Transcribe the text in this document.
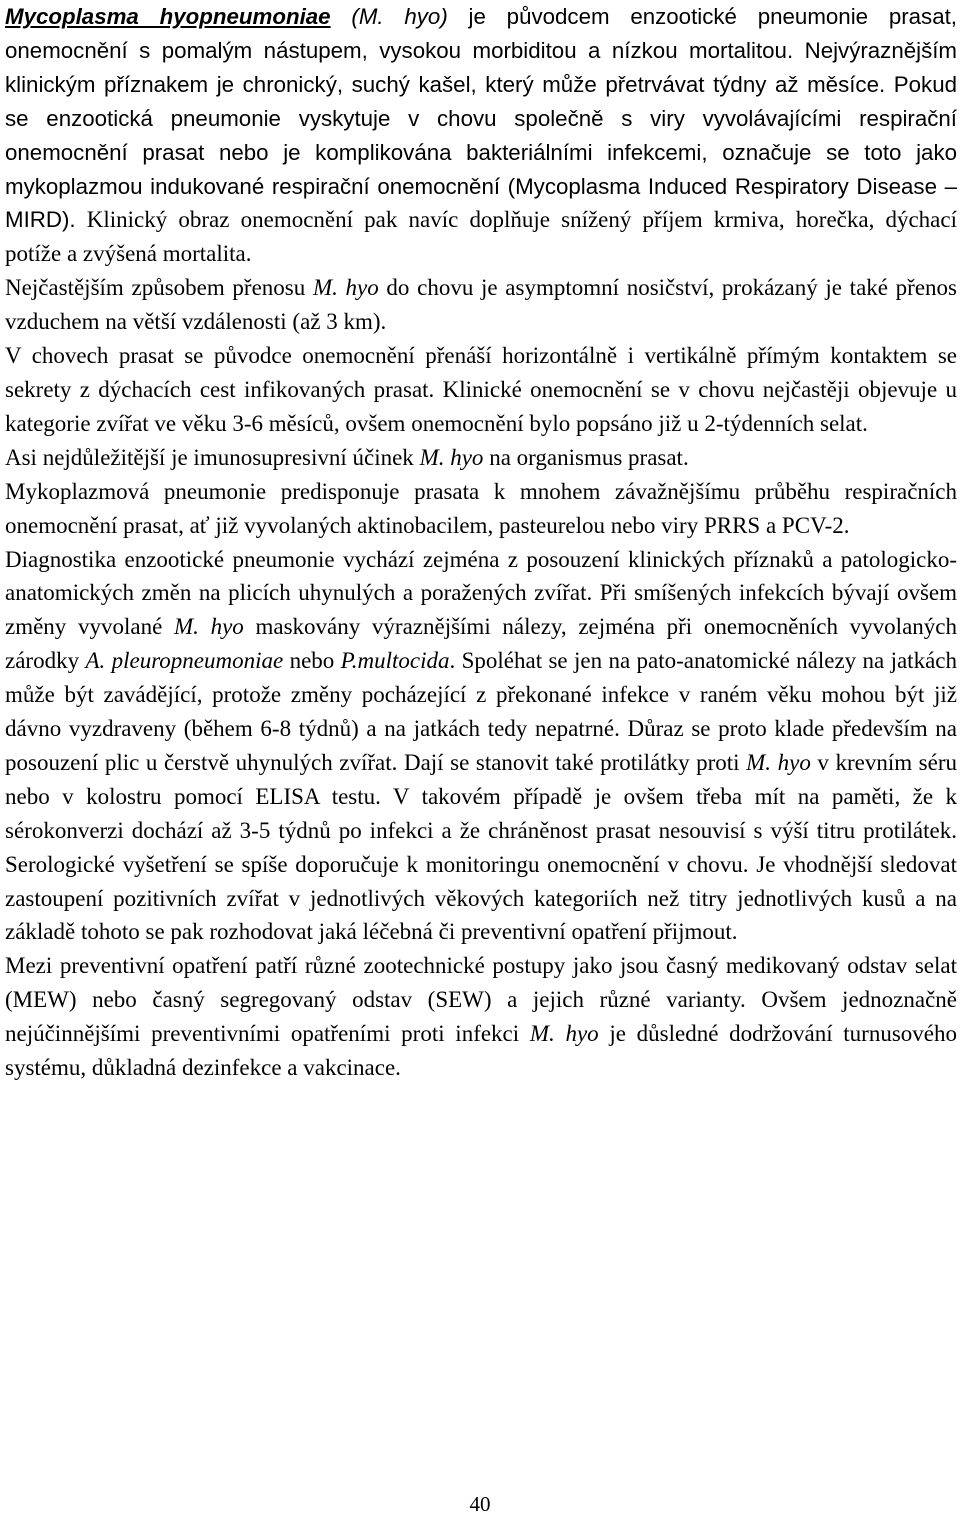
Mycoplasma hyopneumoniae (M. hyo) je původcem enzootické pneumonie prasat, onemocnění s pomalým nástupem, vysokou morbiditou a nízkou mortalitou. Nejvýraznějším klinickým příznakem je chronický, suchý kašel, který může přetrvávat týdny až měsíce. Pokud se enzootická pneumonie vyskytuje v chovu společně s viry vyvolávajícími respirační onemocnění prasat nebo je komplikována bakteriálními infekcemi, označuje se toto jako mykoplazmou indukované respirační onemocnění (Mycoplasma Induced Respiratory Disease – MIRD). Klinický obraz onemocnění pak navíc doplňuje snížený příjem krmiva, horečka, dýchací potíže a zvýšená mortalita.

Nejčastějším způsobem přenosu M. hyo do chovu je asymptomní nosičství, prokázaný je také přenos vzduchem na větší vzdálenosti (až 3 km).

V chovech prasat se původce onemocnění přenáší horizontálně i vertikálně přímým kontaktem se sekrety z dýchacích cest infikovaných prasat. Klinické onemocnění se v chovu nejčastěji objevuje u kategorie zvířat ve věku 3-6 měsíců, ovšem onemocnění bylo popsáno již u 2-týdenních selat.

Asi nejdůležitější je imunosupresivní účinek M. hyo na organismus prasat.

Mykoplazmová pneumonie predisponuje prasata k mnohem závažnějšímu průběhu respiračních onemocnění prasat, ať již vyvolaných aktinobacilem, pasteurelou nebo viry PRRS a PCV-2.

Diagnostika enzootické pneumonie vychází zejména z posouzení klinických příznaků a patologicko-anatomických změn na plicích uhynulých a poražených zvířat. Při smíšených infekcích bývají ovšem změny vyvolané M. hyo maskovány výraznějšími nálezy, zejména při onemocněních vyvolaných zárodky A. pleuropneumoniae nebo P.multocida. Spoléhat se jen na pato-anatomické nálezy na jatkách může být zavádějící, protože změny pocházející z překonané infekce v raném věku mohou být již dávno vyzdraveny (během 6-8 týdnů) a na jatkách tedy nepatrné. Důraz se proto klade především na posouzení plic u čerstvě uhynulých zvířat. Dají se stanovit také protilátky proti M. hyo v krevním séru nebo v kolostru pomocí ELISA testu. V takovém případě je ovšem třeba mít na paměti, že k sérokonverzi dochází až 3-5 týdnů po infekci a že chráněnost prasat nesouvisí s výší titru protilátek. Serologické vyšetření se spíše doporučuje k monitoringu onemocnění v chovu. Je vhodnější sledovat zastoupení pozitivních zvířat v jednotlivých věkových kategoriích než titry jednotlivých kusů a na základě tohoto se pak rozhodovat jaká léčebná či preventivní opatření přijmout.

Mezi preventivní opatření patří různé zootechnické postupy jako jsou časný medikovaný odstav selat (MEW) nebo časný segregovaný odstav (SEW) a jejich různé varianty. Ovšem jednoznačně nejúčinnějšími preventivními opatřeními proti infekci M. hyo je důsledné dodržování turnusového systému, důkladná dezinfekce a vakcinace.

40
